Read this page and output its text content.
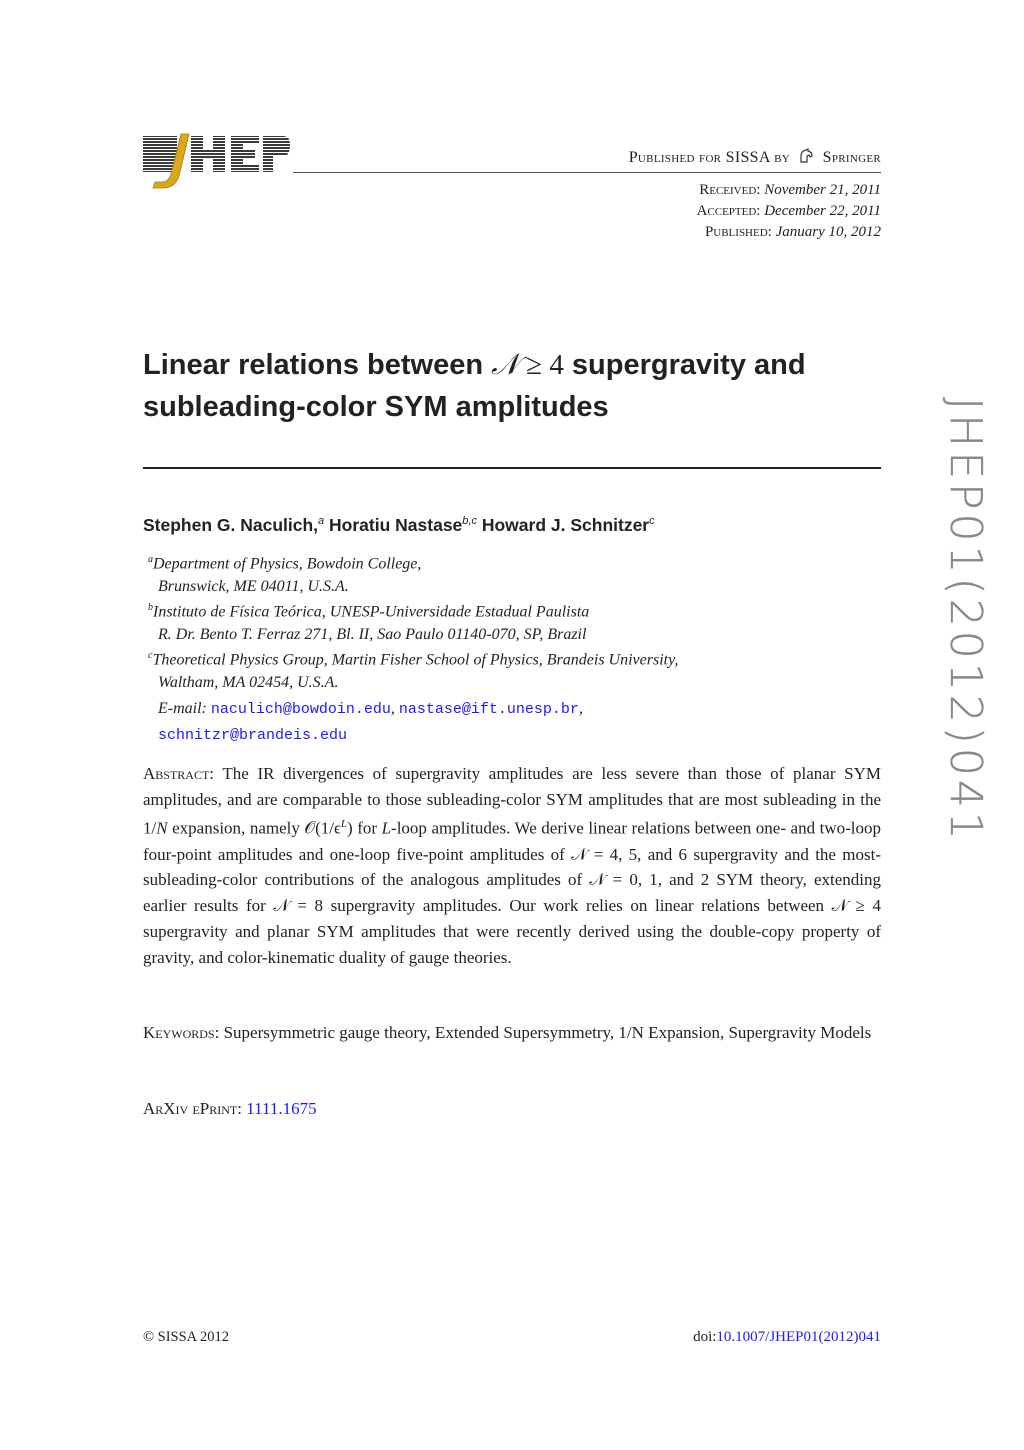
Published for SISSA by Springer
Received: November 21, 2011
Accepted: December 22, 2011
Published: January 10, 2012
Linear relations between 𝒩 ≥ 4 supergravity and
subleading-color SYM amplitudes
Stephen G. Naculich,$^a$ Horatiu Nastase$^{b,c}$ Howard J. Schnitzer$^c$
$^a$Department of Physics, Bowdoin College,
Brunswick, ME 04011, U.S.A.
$^b$Instituto de Física Teórica, UNESP-Universidade Estadual Paulista
R. Dr. Bento T. Ferraz 271, Bl. II, Sao Paulo 01140-070, SP, Brazil
$^c$Theoretical Physics Group, Martin Fisher School of Physics, Brandeis University,
Waltham, MA 02454, U.S.A.
E-mail: naculich@bowdoin.edu, nastase@ift.unesp.br,
schnitzr@brandeis.edu
Abstract: The IR divergences of supergravity amplitudes are less severe than those of planar SYM amplitudes, and are comparable to those subleading-color SYM amplitudes that are most subleading in the 1/N expansion, namely $𝒪(1/\epsilon^L)$ for L-loop amplitudes. We derive linear relations between one- and two-loop four-point amplitudes and one-loop five-point amplitudes of 𝒩 = 4, 5, and 6 supergravity and the most-subleading-color contributions of the analogous amplitudes of 𝒩 = 0, 1, and 2 SYM theory, extending earlier results for 𝒩 = 8 supergravity amplitudes. Our work relies on linear relations between 𝒩 ≥ 4 supergravity and planar SYM amplitudes that were recently derived using the double-copy property of gravity, and color-kinematic duality of gauge theories.
Keywords: Supersymmetric gauge theory, Extended Supersymmetry, 1/N Expansion, Supergravity Models
ArXiv ePrint: 1111.1675
© SISSA 2012	doi:10.1007/JHEP01(2012)041
JHEP01(2012)041
